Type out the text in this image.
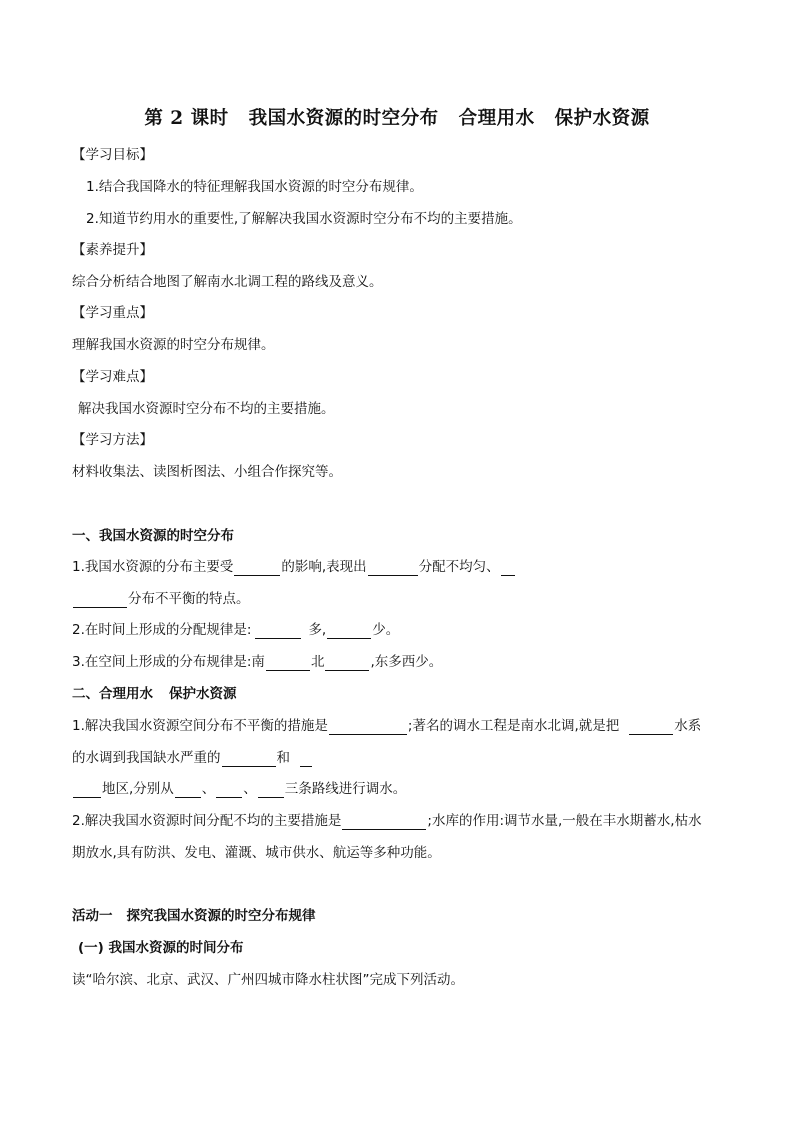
第 2 课时 我国水资源的时空分布 合理用水 保护水资源
【学习目标】
1.结合我国降水的特征理解我国水资源的时空分布规律。
2.知道节约用水的重要性,了解解决我国水资源时空分布不均的主要措施。
【素养提升】
综合分析结合地图了解南水北调工程的路线及意义。
【学习重点】
理解我国水资源的时空分布规律。
【学习难点】
解决我国水资源时空分布不均的主要措施。
【学习方法】
材料收集法、读图析图法、小组合作探究等。
一、我国水资源的时空分布
1.我国水资源的分布主要受	的影响,表现出	分配不均匀、
分布不平衡的特点。
2.在时间上形成的分配规律是:	多,	少。
3.在空间上形成的分布规律是:南	北	,东多西少。
二、合理用水 保护水资源
1.解决我国水资源空间分布不平衡的措施是	;著名的调水工程是南水北调,就是把	水系
的水调到我国缺水严重的	和
地区,分别从 、 、 三条路线进行调水。
2.解决我国水资源时间分配不均的主要措施是	;水库的作用:调节水量,一般在丰水期蓄水,枯水
期放水,具有防洪、发电、灌溉、城市供水、航运等多种功能。
活动一 探究我国水资源的时空分布规律
(一) 我国水资源的时间分布
读“哈尔滨、北京、武汉、广州四城市降水柱状图”完成下列活动。
